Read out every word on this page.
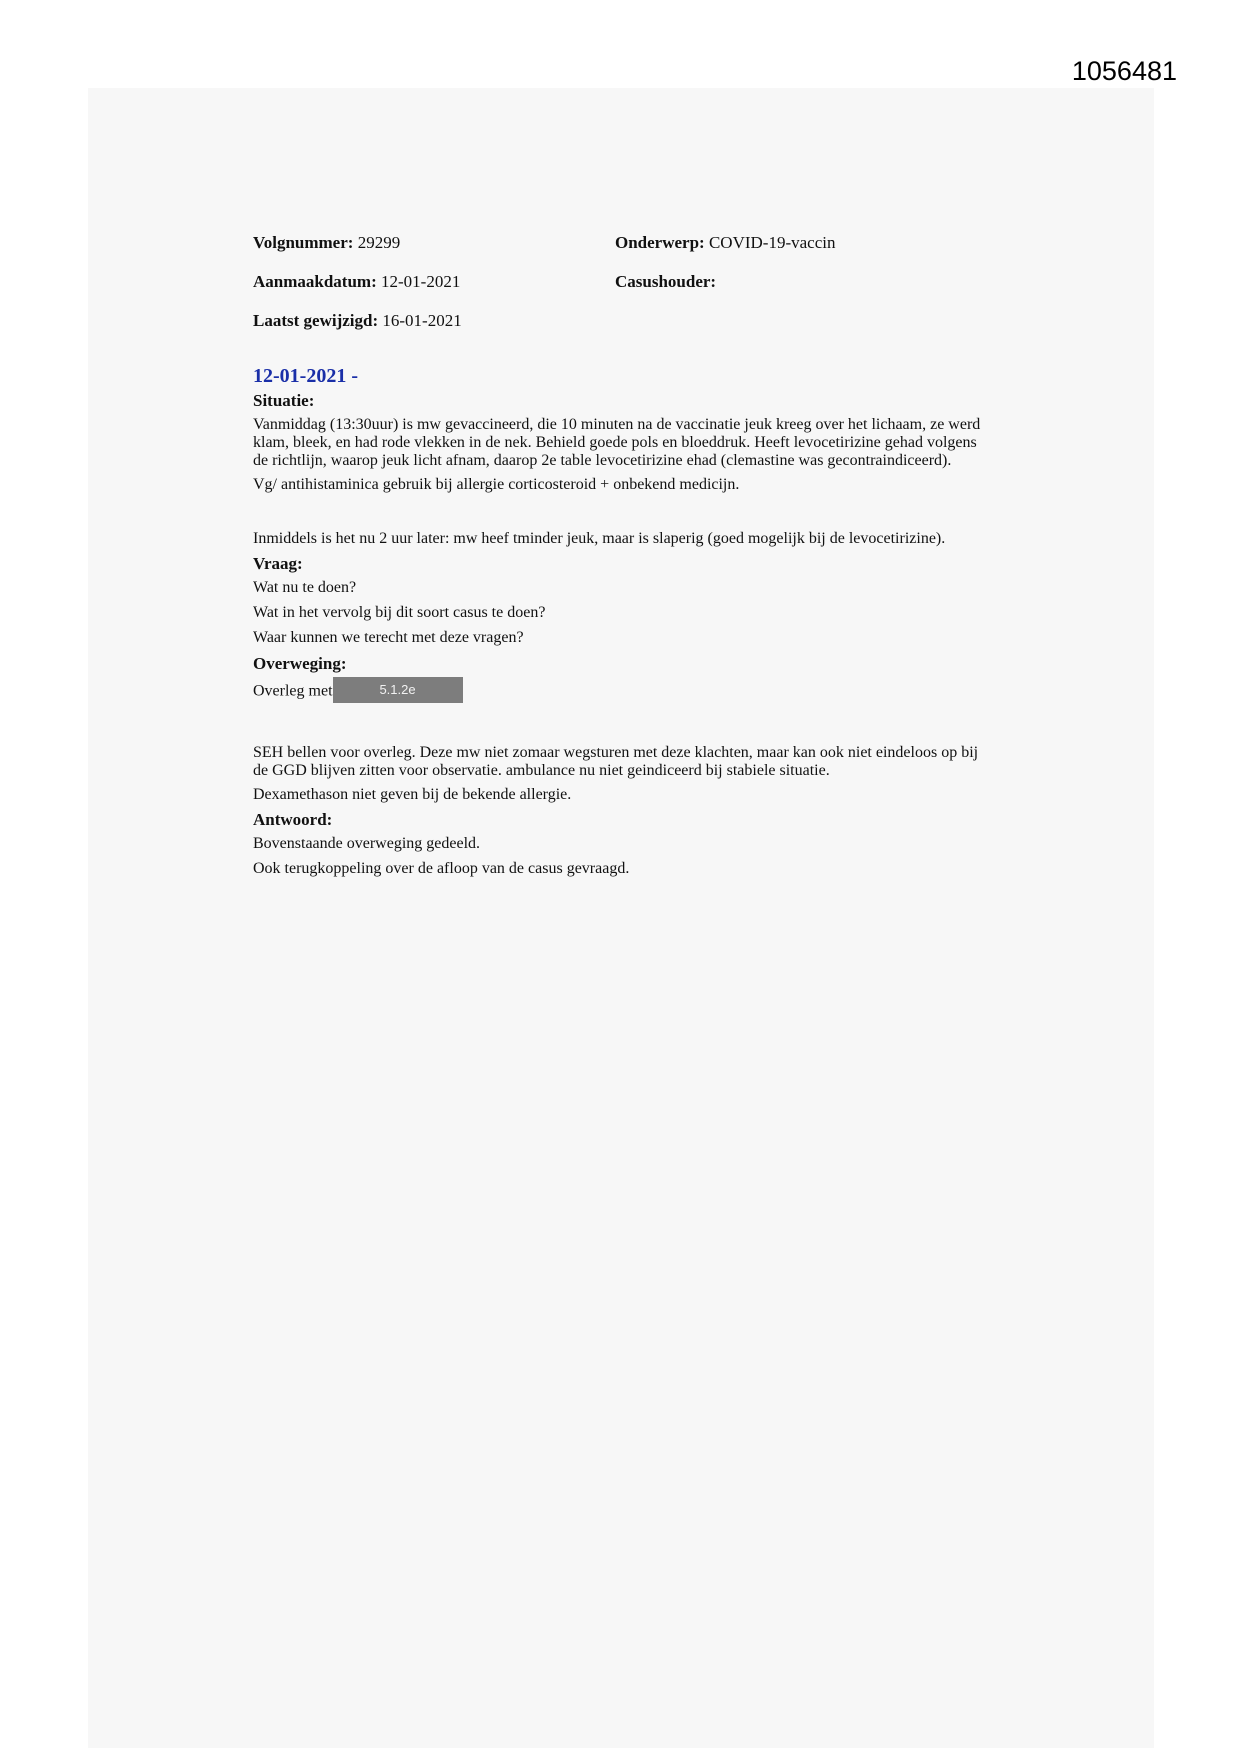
1056481
Volgnummer: 29299	Onderwerp: COVID-19-vaccin
Aanmaakdatum: 12-01-2021	Casushouder:
Laatst gewijzigd: 16-01-2021
12-01-2021 -
Situatie:
Vanmiddag (13:30uur) is mw gevaccineerd, die 10 minuten na de vaccinatie jeuk kreeg over het lichaam, ze werd klam, bleek, en had rode vlekken in de nek. Behield goede pols en bloeddruk. Heeft levocetirizine gehad volgens de richtlijn, waarop jeuk licht afnam, daarop 2e table levocetirizine ehad (clemastine was gecontraindiceerd).
Vg/ antihistaminica gebruik bij allergie corticosteroid + onbekend medicijn.
Inmiddels is het nu 2 uur later: mw heef tminder jeuk, maar is slaperig (goed mogelijk bij de levocetirizine).
Vraag:
Wat nu te doen?
Wat in het vervolg bij dit soort casus te doen?
Waar kunnen we terecht met deze vragen?
Overweging:
Overleg met	5.1.2e
SEH bellen voor overleg. Deze mw niet zomaar wegsturen met deze klachten, maar kan ook niet eindeloos op bij de GGD blijven zitten voor observatie. ambulance nu niet geindiceerd bij stabiele situatie.
Dexamethason niet geven bij de bekende allergie.
Antwoord:
Bovenstaande overweging gedeeld.
Ook terugkoppeling over de afloop van de casus gevraagd.
